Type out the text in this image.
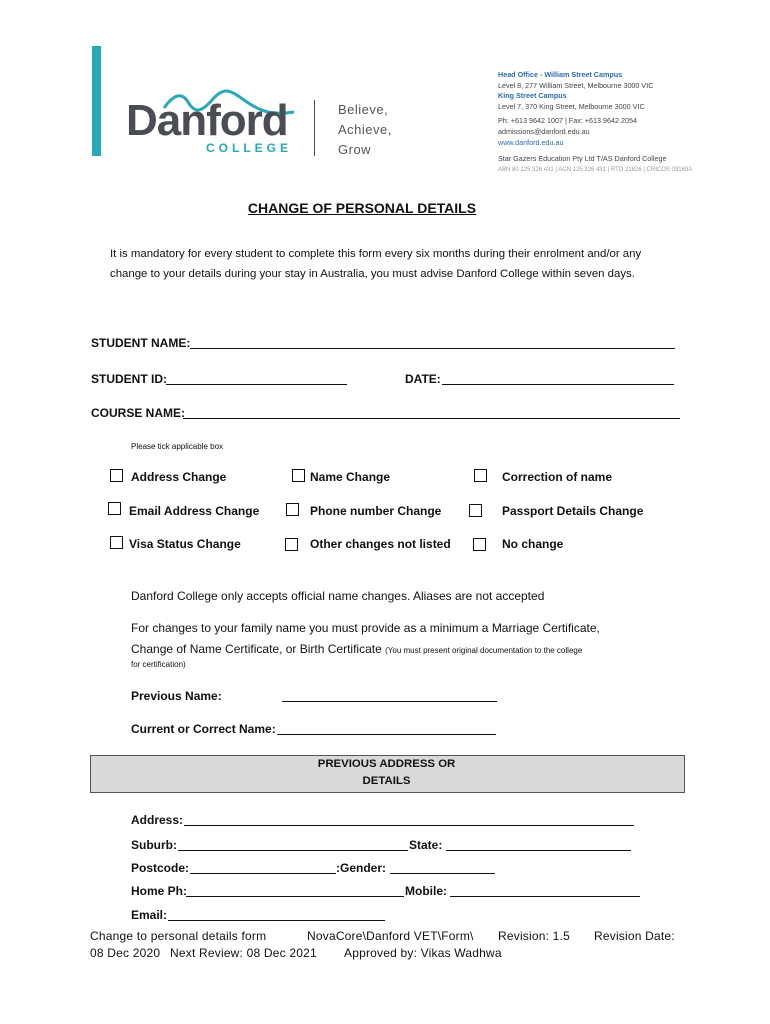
Danford
COLLEGE
Believe,
Achieve,
Grow
Head Office - William Street Campus
Level 8, 277 William Street, Melbourne 3000 VIC
King Street Campus
Level 7, 370 King Street, Melbourne 3000 VIC
Ph: +613 9642 1007 | Fax: +613 9642 2054
admissions@danford.edu.au
www.danford.edu.au
Star Gazers Education Pty Ltd T/AS Danford College
ABN 80 125 326 431 | ACN 125 326 431 | RTO 21826 | CRICOS 03169A
CHANGE OF PERSONAL DETAILS
It is mandatory for every student to complete this form every six months during their enrolment and/or any change to your details during your stay in Australia, you must advise Danford College within seven days.
STUDENT NAME:
STUDENT ID:	DATE:
COURSE NAME:
Please tick applicable box
Address Change	Name Change	Correction of name
Email Address Change	Phone number Change	Passport Details Change
Visa Status Change	Other changes not listed	No change
Danford College only accepts official name changes. Aliases are not accepted
For changes to your family name you must provide as a minimum a Marriage Certificate,
Change of Name Certificate, or Birth Certificate (You must present original documentation to the college
for certification)
Previous Name:
Current or Correct Name:
PREVIOUS ADDRESS OR
DETAILS
Address:
Suburb:	State:
Postcode:	:Gender:
Home Ph:	Mobile:
Email:
Change to personal details form	NovaCore\Danford VET\Form\ Revision: 1.5 Revision Date:
08 Dec 2020 Next Review: 08 Dec 2021 Approved by: Vikas Wadhwa
